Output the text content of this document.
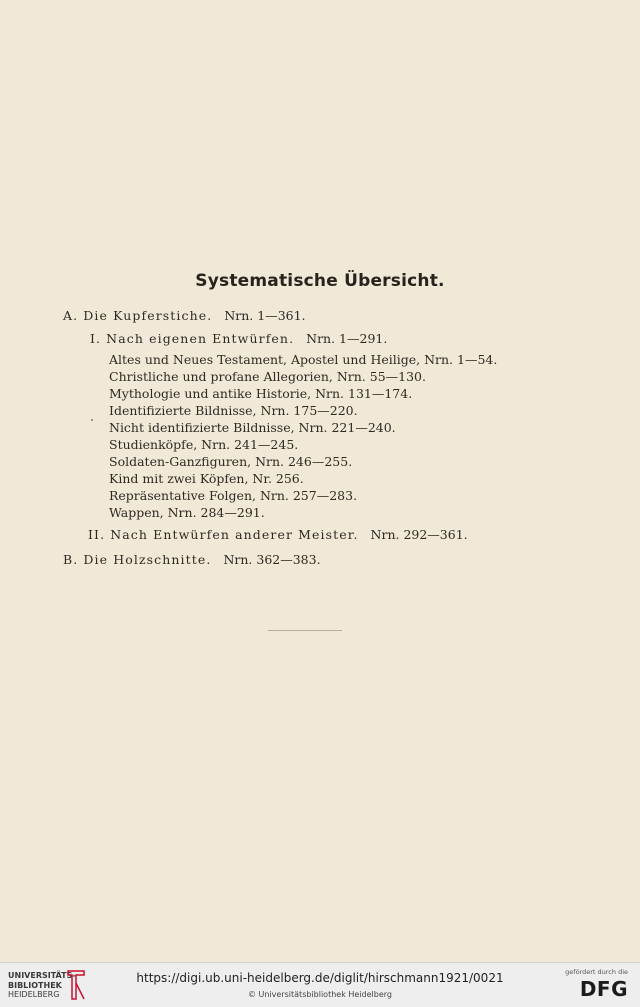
Systematische Übersicht.
A. Die Kupferstiche. Nrn. 1—361.
I. Nach eigenen Entwürfen. Nrn. 1—291.
Altes und Neues Testament, Apostel und Heilige, Nrn. 1—54.
Christliche und profane Allegorien, Nrn. 55—130.
Mythologie und antike Historie, Nrn. 131—174.
Identifizierte Bildnisse, Nrn. 175—220.
Nicht identifizierte Bildnisse, Nrn. 221—240.
Studienköpfe, Nrn. 241—245.
Soldaten-Ganzfiguren, Nrn. 246—255.
Kind mit zwei Köpfen, Nr. 256.
Repräsentative Folgen, Nrn. 257—283.
Wappen, Nrn. 284—291.
II. Nach Entwürfen anderer Meister. Nrn. 292—361.
B. Die Holzschnitte. Nrn. 362—383.
UNIVERSITÄTS-
BIBLIOTHEK
HEIDELBERG
https://digi.ub.uni-heidelberg.de/diglit/hirschmann1921/0021
© Universitätsbibliothek Heidelberg
gefördert durch die
DFG
